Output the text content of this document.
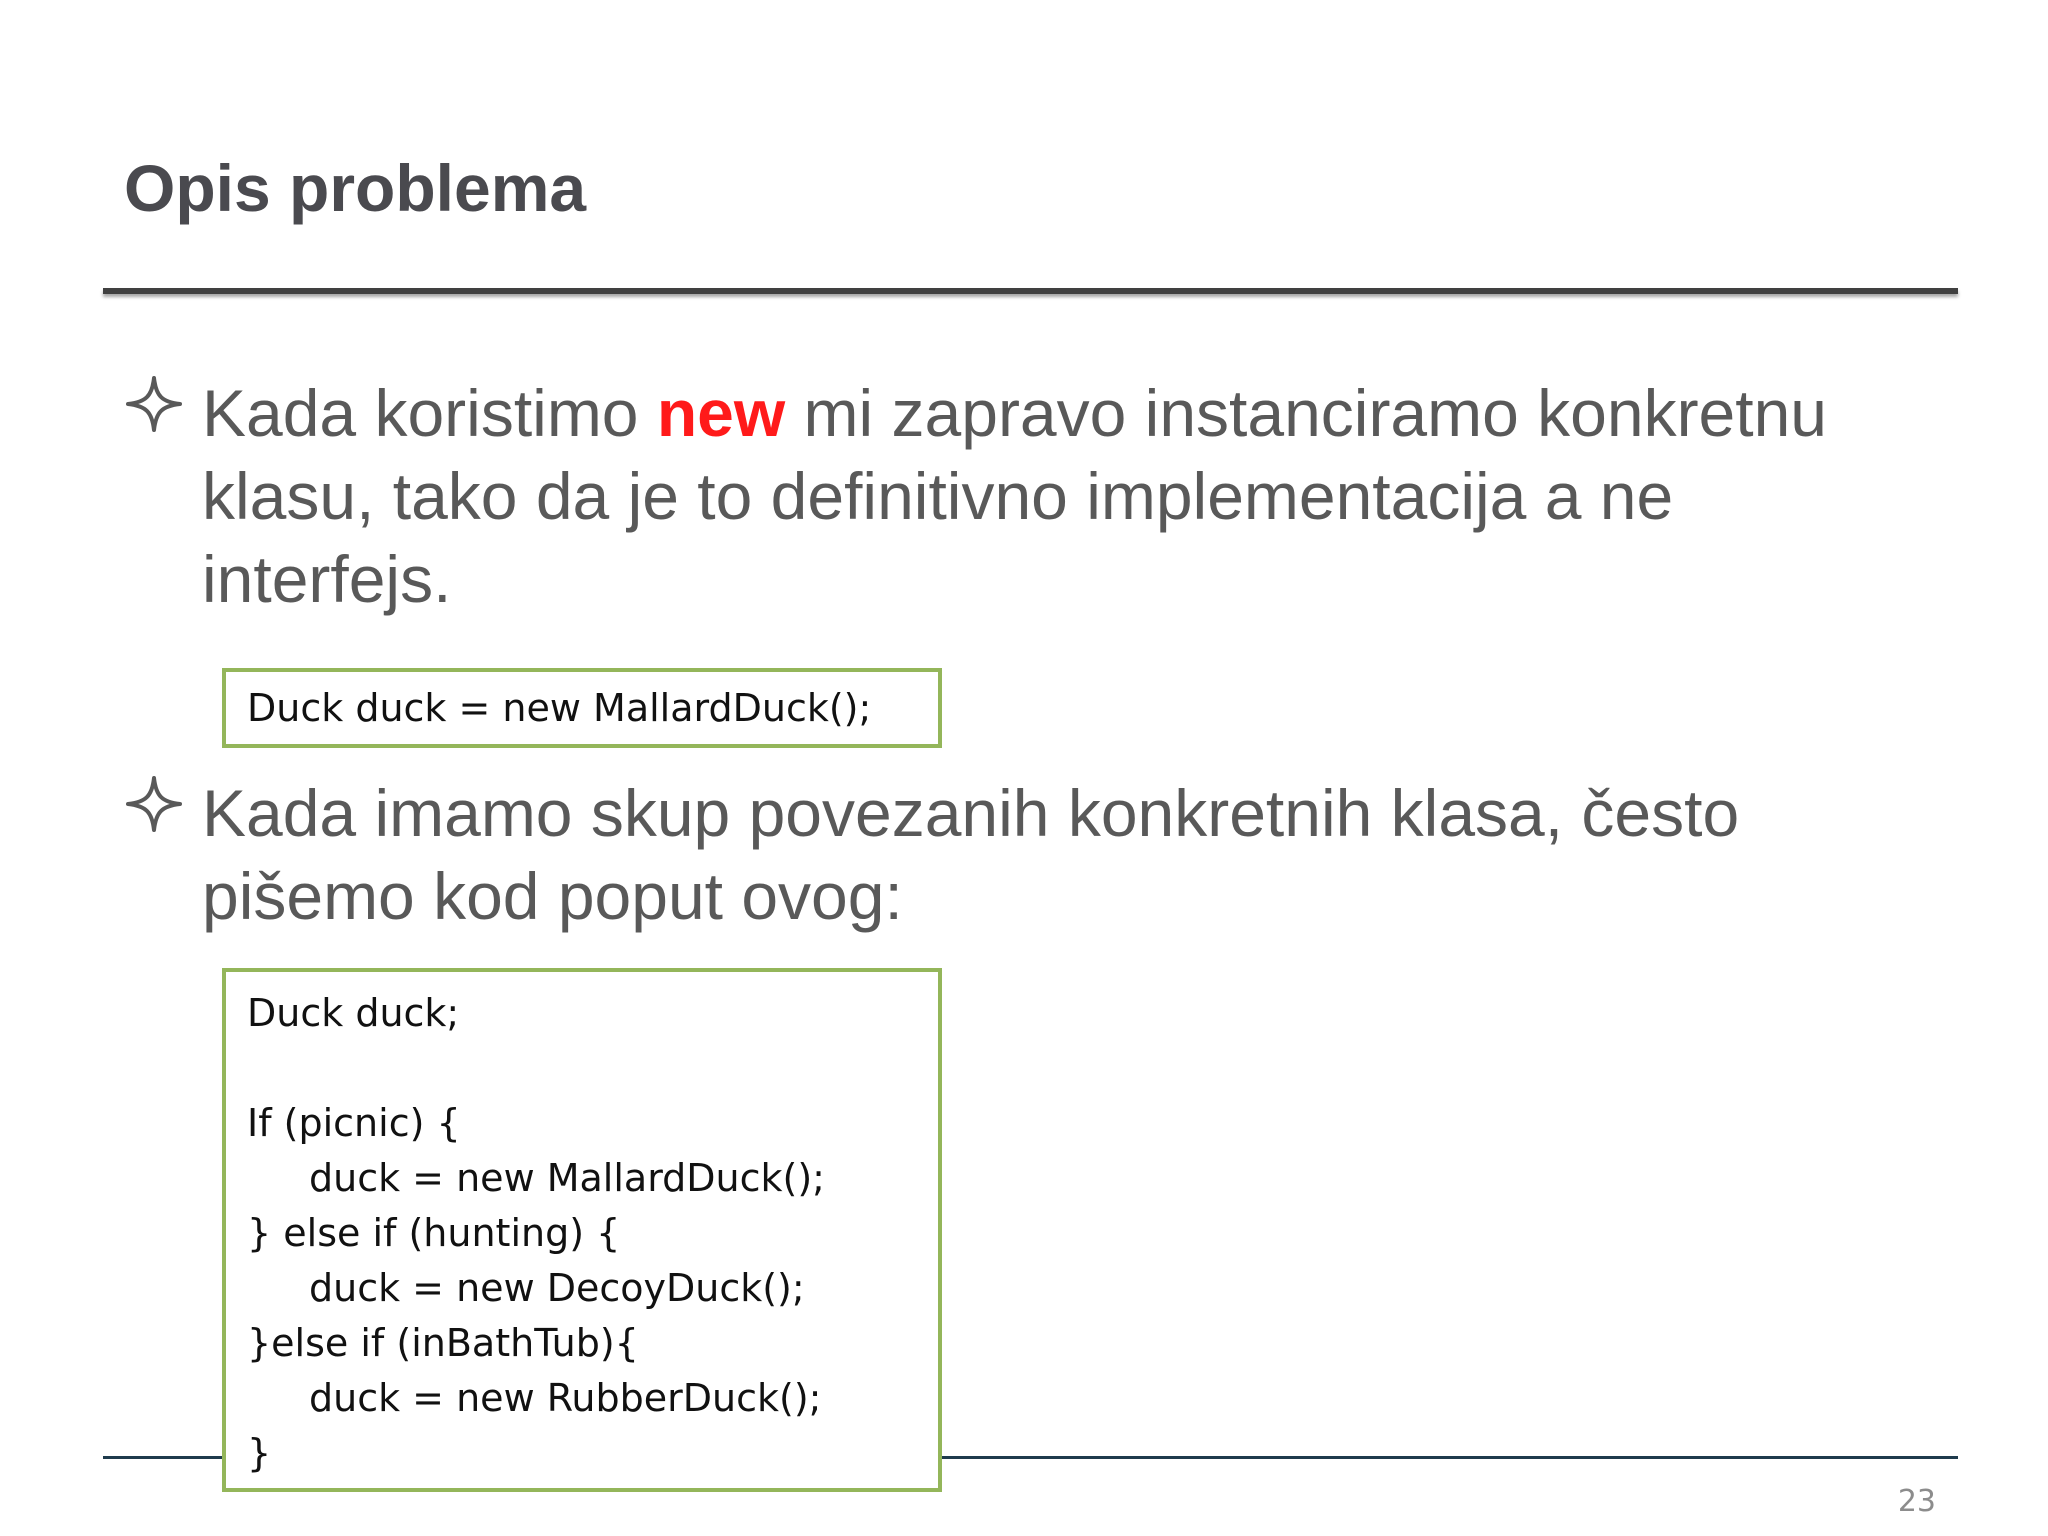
Opis problema
Kada koristimo new mi zapravo instanciramo konkretnu klasu, tako da je to definitivno implementacija a ne interfejs.
Duck duck = new MallardDuck();
Kada imamo skup povezanih konkretnih klasa, često pišemo kod poput ovog:
Duck duck;
If (picnic) {
duck = new MallardDuck();
} else if (hunting) {
duck = new DecoyDuck();
}else if (inBathTub){
duck = new RubberDuck();
}
23
